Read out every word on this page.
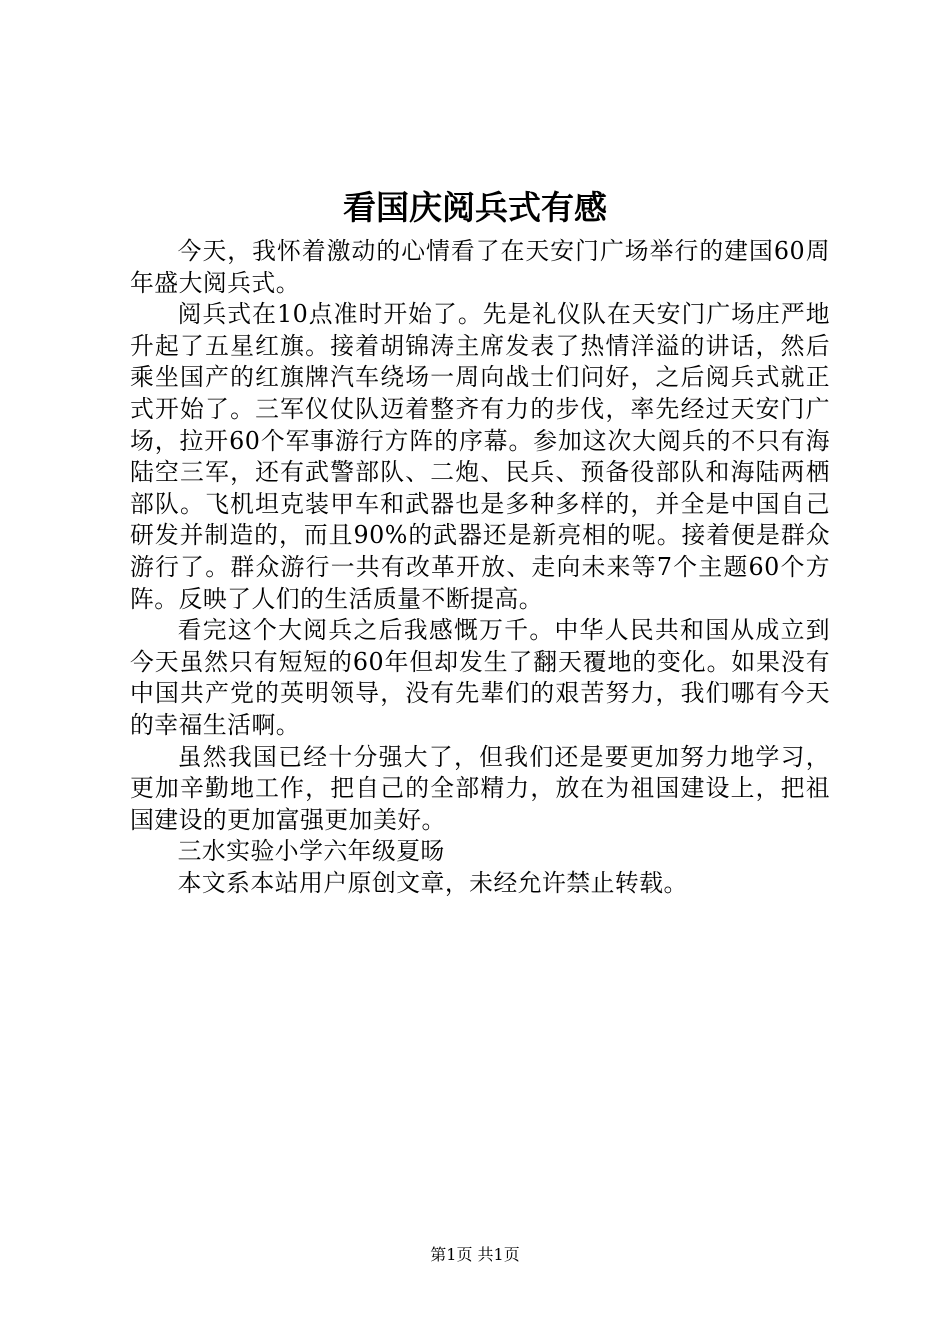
看国庆阅兵式有感

今天，我怀着激动的心情看了在天安门广场举行的建国60周年盛大阅兵式。

阅兵式在10点准时开始了。先是礼仪队在天安门广场庄严地升起了五星红旗。接着胡锦涛主席发表了热情洋溢的讲话，然后乘坐国产的红旗牌汽车绕场一周向战士们问好，之后阅兵式就正式开始了。三军仪仗队迈着整齐有力的步伐，率先经过天安门广场，拉开60个军事游行方阵的序幕。参加这次大阅兵的不只有海陆空三军，还有武警部队、二炮、民兵、预备役部队和海陆两栖部队。飞机坦克装甲车和武器也是多种多样的，并全是中国自己研发并制造的，而且90%的武器还是新亮相的呢。接着便是群众游行了。群众游行一共有改革开放、走向未来等7个主题60个方阵。反映了人们的生活质量不断提高。

看完这个大阅兵之后我感慨万千。中华人民共和国从成立到今天虽然只有短短的60年但却发生了翻天覆地的变化。如果没有中国共产党的英明领导，没有先辈们的艰苦努力，我们哪有今天的幸福生活啊。

虽然我国已经十分强大了，但我们还是要更加努力地学习，更加辛勤地工作，把自己的全部精力，放在为祖国建设上，把祖国建设的更加富强更加美好。

三水实验小学六年级夏旸

本文系本站用户原创文章，未经允许禁止转载。

第1页 共1页
